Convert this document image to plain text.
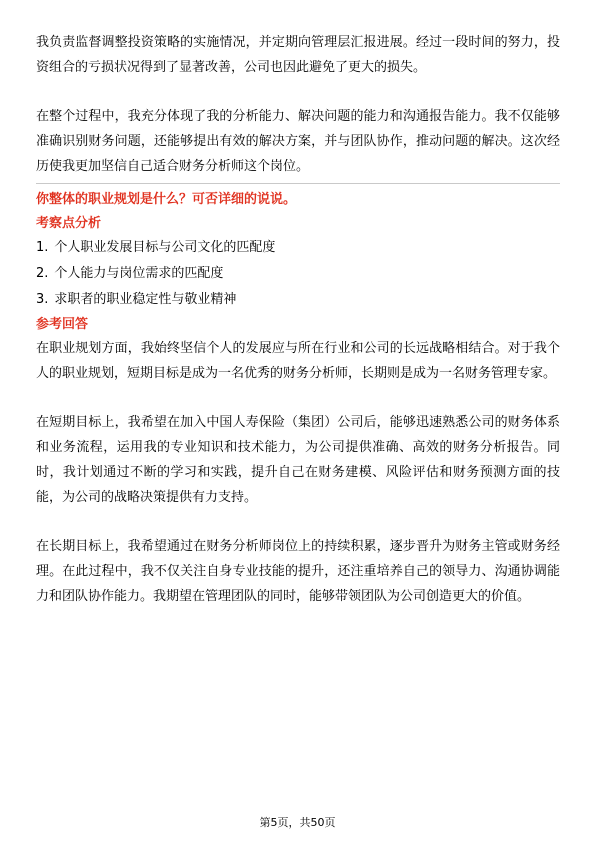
我负责监督调整投资策略的实施情况，并定期向管理层汇报进展。经过一段时间的努力，投资组合的亏损状况得到了显著改善，公司也因此避免了更大的损失。

在整个过程中，我充分体现了我的分析能力、解决问题的能力和沟通报告能力。我不仅能够准确识别财务问题，还能够提出有效的解决方案，并与团队协作，推动问题的解决。这次经历使我更加坚信自己适合财务分析师这个岗位。

你整体的职业规划是什么？可否详细的说说。

考察点分析

1. 个人职业发展目标与公司文化的匹配度
2. 个人能力与岗位需求的匹配度
3. 求职者的职业稳定性与敬业精神

参考回答

在职业规划方面，我始终坚信个人的发展应与所在行业和公司的长远战略相结合。对于我个人的职业规划，短期目标是成为一名优秀的财务分析师，长期则是成为一名财务管理专家。

在短期目标上，我希望在加入中国人寿保险（集团）公司后，能够迅速熟悉公司的财务体系和业务流程，运用我的专业知识和技术能力，为公司提供准确、高效的财务分析报告。同时，我计划通过不断的学习和实践，提升自己在财务建模、风险评估和财务预测方面的技能，为公司的战略决策提供有力支持。

在长期目标上，我希望通过在财务分析师岗位上的持续积累，逐步晋升为财务主管或财务经理。在此过程中，我不仅关注自身专业技能的提升，还注重培养自己的领导力、沟通协调能力和团队协作能力。我期望在管理团队的同时，能够带领团队为公司创造更大的价值。

第5页，共50页
